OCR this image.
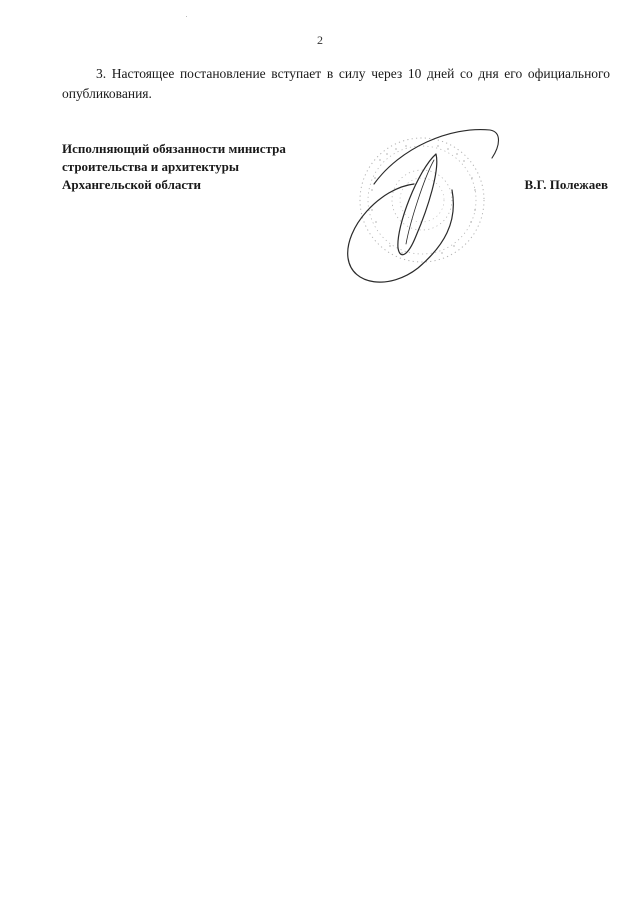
2

3. Настоящее постановление вступает в силу через 10 дней со дня его официального опубликования.

Исполняющий обязанности министра
строительства и архитектуры
Архангельской области	В.Г. Полежаев
